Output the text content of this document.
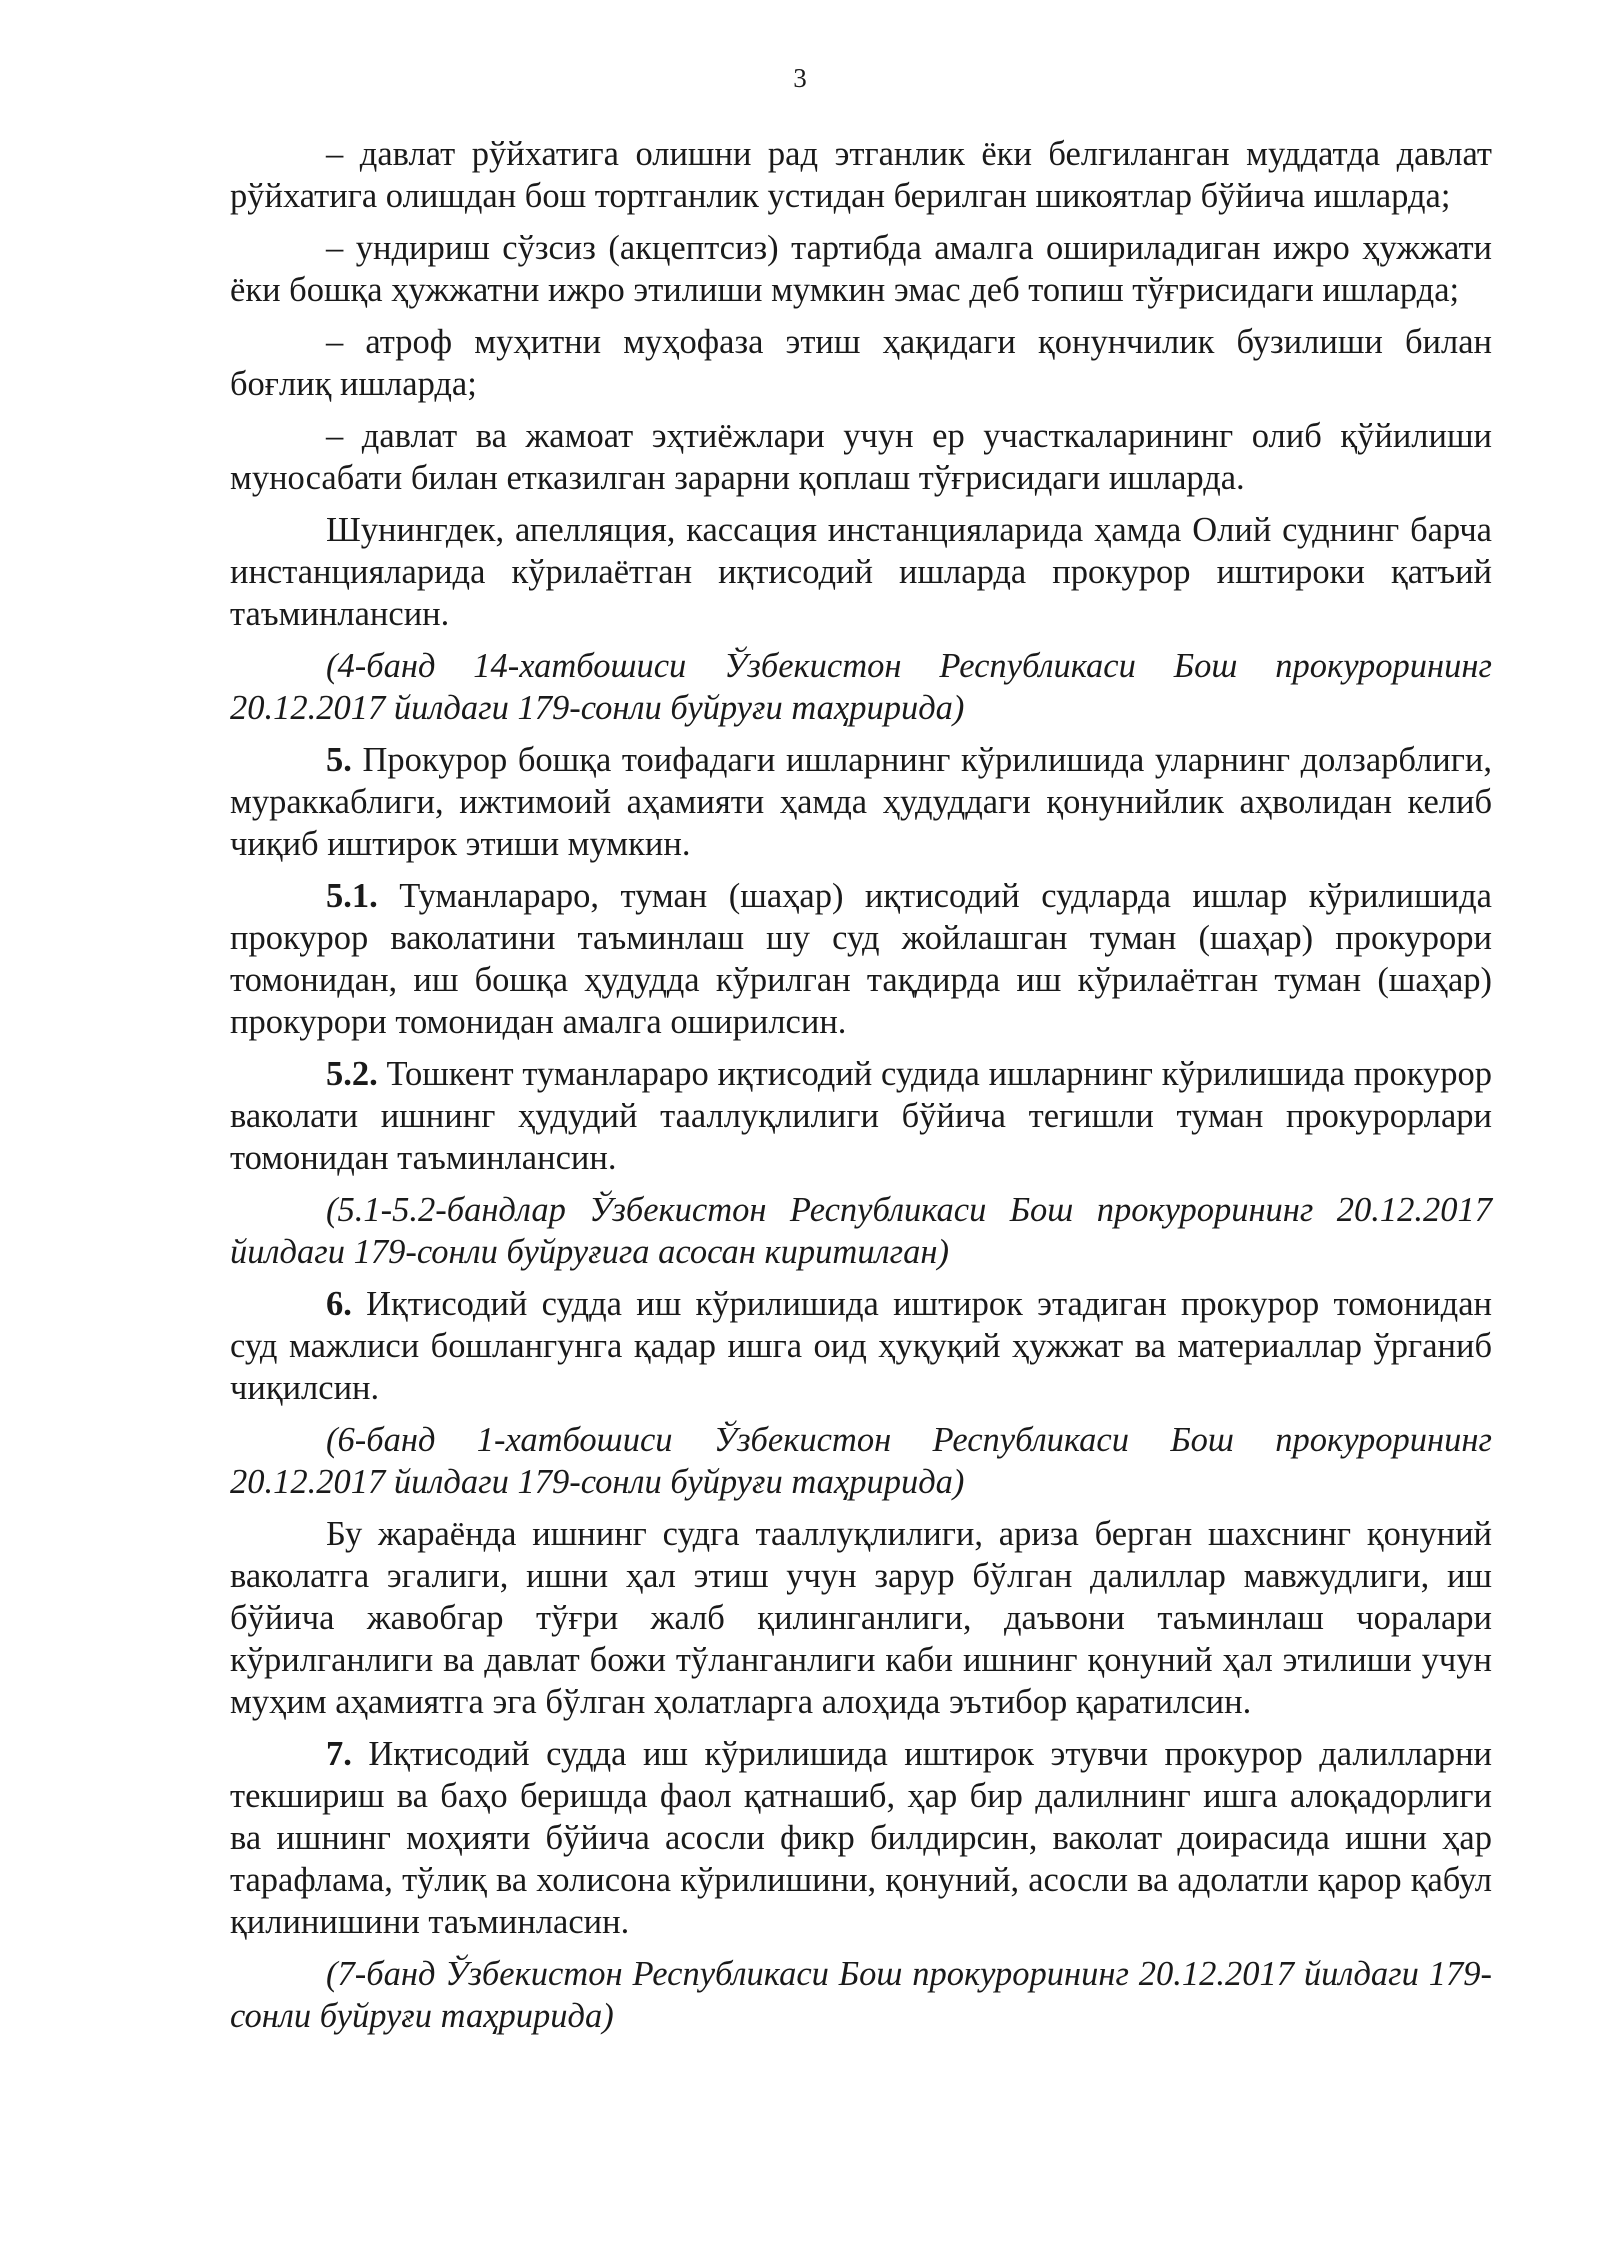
3

– давлат рўйхатига олишни рад этганлик ёки белгиланган муддатда давлат рўйхатига олишдан бош тортганлик устидан берилган шикоятлар бўйича ишларда;

– ундириш сўзсиз (акцептсиз) тартибда амалга ошириладиган ижро ҳужжати ёки бошқа ҳужжатни ижро этилиши мумкин эмас деб топиш тўғрисидаги ишларда;

– атроф муҳитни муҳофаза этиш ҳақидаги қонунчилик бузилиши билан боғлиқ ишларда;

– давлат ва жамоат эҳтиёжлари учун ер участкаларининг олиб қўйилиши муносабати билан етказилган зарарни қоплаш тўғрисидаги ишларда.

Шунингдек, апелляция, кассация инстанцияларида ҳамда Олий суднинг барча инстанцияларида кўрилаётган иқтисодий ишларда прокурор иштироки қатъий таъминлансин.

(4-банд 14-хатбошиси Ўзбекистон Республикаси Бош прокурорининг 20.12.2017 йилдаги 179-сонли буйруғи таҳририда)

5. Прокурор бошқа тоифадаги ишларнинг кўрилишида уларнинг долзарблиги, мураккаблиги, ижтимоий аҳамияти ҳамда ҳудуддаги қонунийлик аҳволидан келиб чиқиб иштирок этиши мумкин.

5.1. Туманлараро, туман (шаҳар) иқтисодий судларда ишлар кўрилишида прокурор ваколатини таъминлаш шу суд жойлашган туман (шаҳар) прокурори томонидан, иш бошқа ҳудудда кўрилган тақдирда иш кўрилаётган туман (шаҳар) прокурори томонидан амалга оширилсин.

5.2. Тошкент туманлараро иқтисодий судида ишларнинг кўрилишида прокурор ваколати ишнинг ҳудудий тааллуқлилиги бўйича тегишли туман прокурорлари томонидан таъминлансин.

(5.1-5.2-бандлар Ўзбекистон Республикаси Бош прокурорининг 20.12.2017 йилдаги 179-сонли буйруғига асосан киритилган)

6. Иқтисодий судда иш кўрилишида иштирок этадиган прокурор томонидан суд мажлиси бошлангунга қадар ишга оид ҳуқуқий ҳужжат ва материаллар ўрганиб чиқилсин.

(6-банд 1-хатбошиси Ўзбекистон Республикаси Бош прокурорининг 20.12.2017 йилдаги 179-сонли буйруғи таҳририда)

Бу жараёнда ишнинг судга тааллуқлилиги, ариза берган шахснинг қонуний ваколатга эгалиги, ишни ҳал этиш учун зарур бўлган далиллар мавжудлиги, иш бўйича жавобгар тўғри жалб қилинганлиги, даъвони таъминлаш чоралари кўрилганлиги ва давлат божи тўланганлиги каби ишнинг қонуний ҳал этилиши учун муҳим аҳамиятга эга бўлган ҳолатларга алоҳида эътибор қаратилсин.

7. Иқтисодий судда иш кўрилишида иштирок этувчи прокурор далилларни текшириш ва баҳо беришда фаол қатнашиб, ҳар бир далилнинг ишга алоқадорлиги ва ишнинг моҳияти бўйича асосли фикр билдирсин, ваколат доирасида ишни ҳар тарафлама, тўлиқ ва холисона кўрилишини, қонуний, асосли ва адолатли қарор қабул қилинишини таъминласин.

(7-банд Ўзбекистон Республикаси Бош прокурорининг 20.12.2017 йилдаги 179-сонли буйруғи таҳририда)
